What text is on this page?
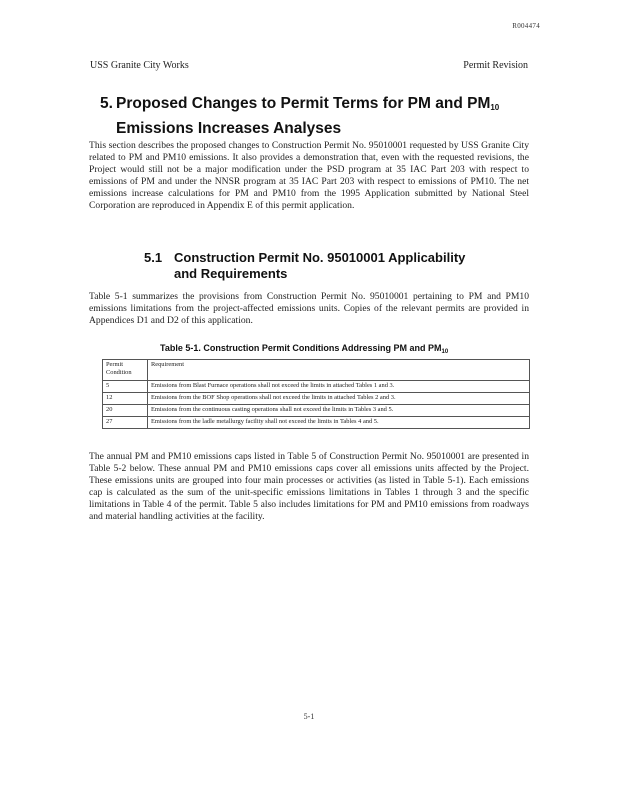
R004474
USS Granite City Works	Permit Revision
5. Proposed Changes to Permit Terms for PM and $PM_{10}$
Emissions Increases Analyses
This section describes the proposed changes to Construction Permit No. 95010001 requested by USS Granite City related to PM and PM10 emissions. It also provides a demonstration that, even with the requested revisions, the Project would still not be a major modification under the PSD program at 35 IAC Part 203 with respect to emissions of PM and under the NNSR program at 35 IAC Part 203 with respect to emissions of PM10. The net emissions increase calculations for PM and PM10 from the 1995 Application submitted by National Steel Corporation are reproduced in Appendix E of this permit application.
5.1 Construction Permit No. 95010001 Applicability
and Requirements
Table 5-1 summarizes the provisions from Construction Permit No. 95010001 pertaining to PM and PM10 emissions limitations from the project-affected emissions units. Copies of the relevant permits are provided in Appendices D1 and D2 of this application.
Table 5-1. Construction Permit Conditions Addressing PM and $PM_{10}$
Permit Condition	Requirement
5	Emissions from Blast Furnace operations shall not exceed the limits in attached Tables 1 and 3.
12	Emissions from the BOF Shop operations shall not exceed the limits in attached Tables 2 and 3.
20	Emissions from the continuous casting operations shall not exceed the limits in Tables 3 and 5.
27	Emissions from the ladle metallurgy facility shall not exceed the limits in Tables 4 and 5.
The annual PM and PM10 emissions caps listed in Table 5 of Construction Permit No. 95010001 are presented in Table 5-2 below. These annual PM and PM10 emissions caps cover all emissions units affected by the Project. These emissions units are grouped into four main processes or activities (as listed in Table 5-1). Each emissions cap is calculated as the sum of the unit-specific emissions limitations in Tables 1 through 3 and the specific limitations in Table 4 of the permit. Table 5 also includes limitations for PM and PM10 emissions from roadways and material handling activities at the facility.
5-1
